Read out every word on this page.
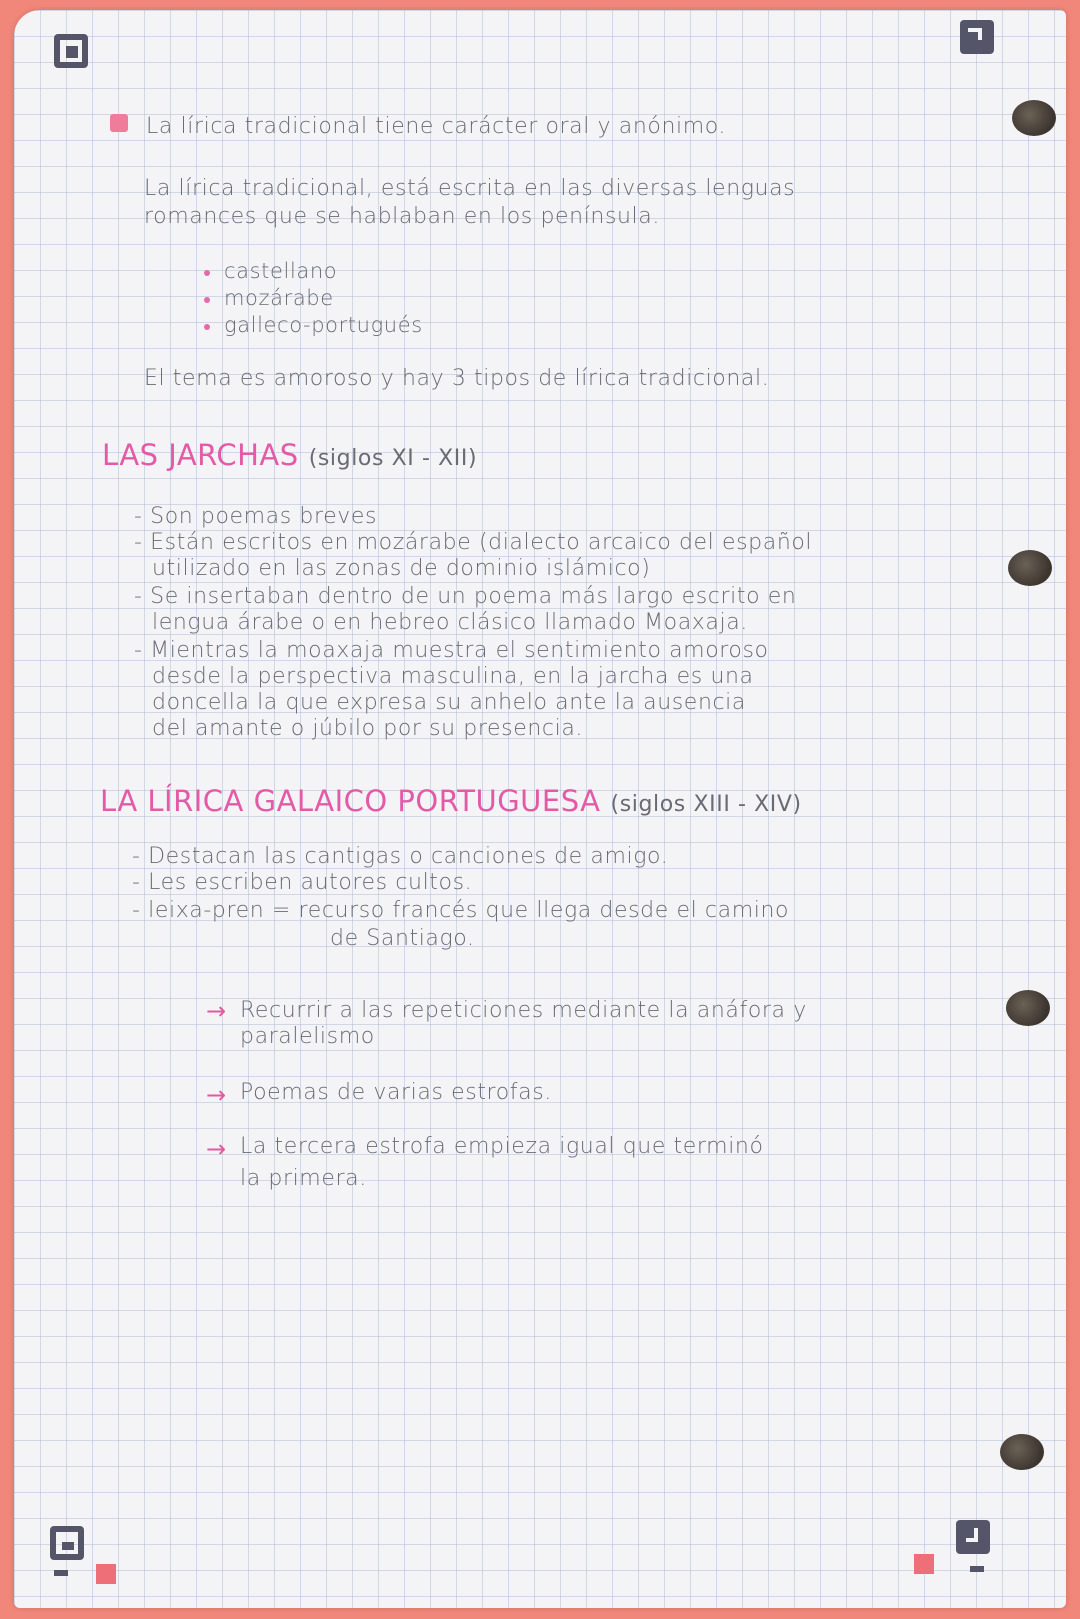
La lírica tradicional tiene carácter oral y anónimo.

La lírica tradicional, está escrita en las diversas lenguas

romances que se hablaban en los península.

castellano
mozárabe
galleco-portugués

El tema es amoroso y hay 3 tipos de lírica tradicional.

LAS JARCHAS (siglos XI - XII)

- Son poemas breves

- Están escritos en mozárabe (dialecto arcaico del español

utilizado en las zonas de dominio islámico)

- Se insertaban dentro de un poema más largo escrito en

lengua árabe o en hebreo clásico llamado Moaxaja.

- Mientras la moaxaja muestra el sentimiento amoroso

desde la perspectiva masculina, en la jarcha es una

doncella la que expresa su anhelo ante la ausencia

del amante o júbilo por su presencia.

LA LÍRICA GALAICO PORTUGUESA (siglos XIII - XIV)

- Destacan las cantigas o canciones de amigo.

- Les escriben autores cultos.

- leixa-pren = recurso francés que llega desde el camino

de Santiago.

→ Recurrir a las repeticiones mediante la anáfora y

paralelismo

→ Poemas de varias estrofas.

→ La tercera estrofa empieza igual que terminó

la primera.
